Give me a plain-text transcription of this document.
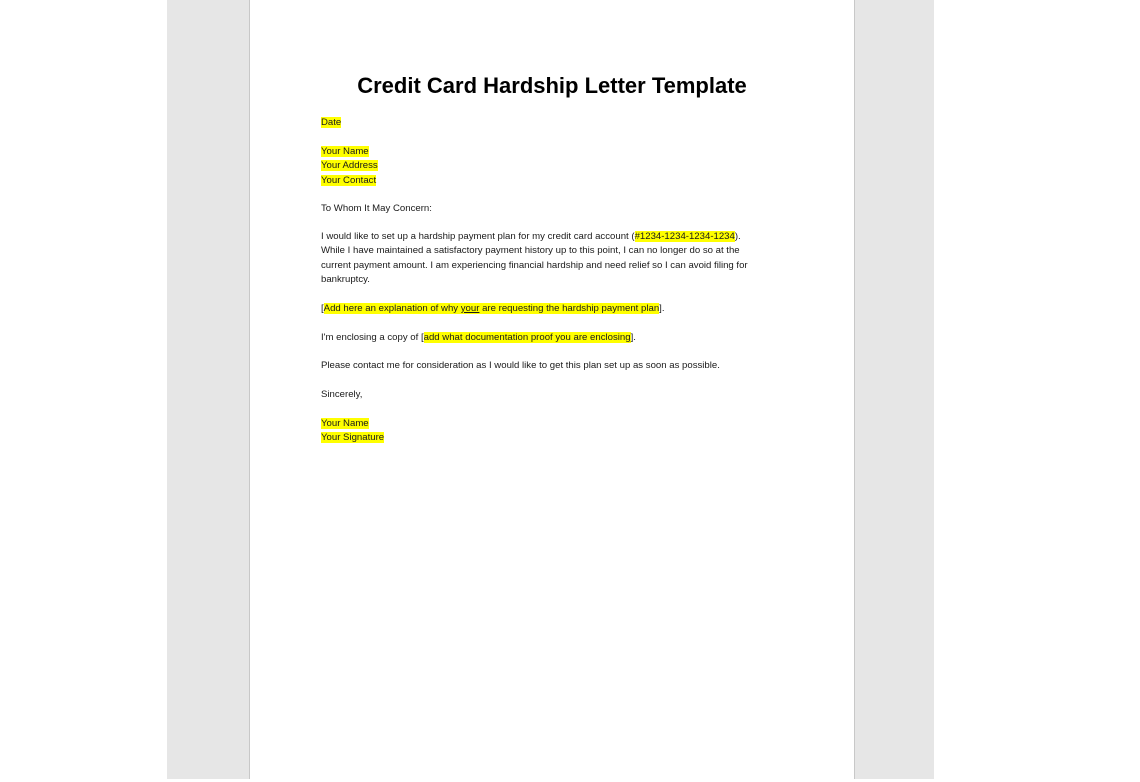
Credit Card Hardship Letter Template

Date

Your Name

Your Address

Your Contact

To Whom It May Concern:

I would like to set up a hardship payment plan for my credit card account (#1234-1234-1234-1234).

While I have maintained a satisfactory payment history up to this point, I can no longer do so at the

current payment amount. I am experiencing financial hardship and need relief so I can avoid filing for

bankruptcy.

[Add here an explanation of why your are requesting the hardship payment plan].

I'm enclosing a copy of [add what documentation proof you are enclosing].

Please contact me for consideration as I would like to get this plan set up as soon as possible.

Sincerely,

Your Name

Your Signature
